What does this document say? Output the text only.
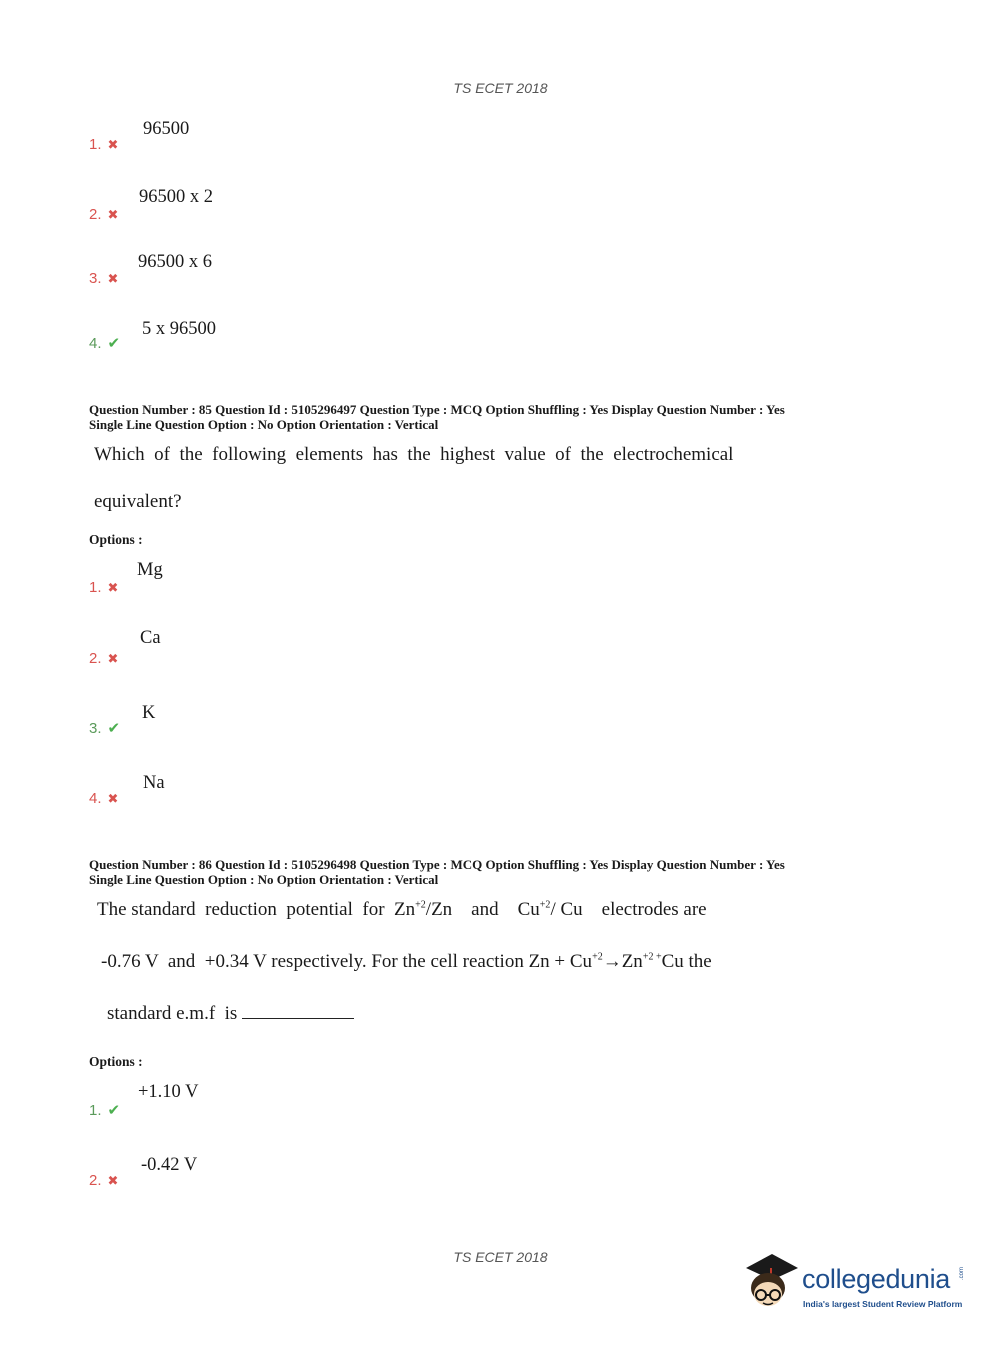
TS ECET 2018
1. ✖
96500
2. ✖
96500 x 2
3. ✖
96500 x 6
4. ✔
5 x 96500
Question Number : 85 Question Id : 5105296497 Question Type : MCQ Option Shuffling : Yes Display Question Number : Yes
Single Line Question Option : No Option Orientation : Vertical
Which  of  the  following  elements  has  the  highest  value  of  the  electrochemical
equivalent?
Options :
1. ✖
Mg
2. ✖
Ca
3. ✔
K
4. ✖
Na
Question Number : 86 Question Id : 5105296498 Question Type : MCQ Option Shuffling : Yes Display Question Number : Yes
Single Line Question Option : No Option Orientation : Vertical
The standard  reduction  potential  for  $Zn^{+2}/Zn$    and    $Cu^{+2}/$ Cu    electrodes are
-0.76 V  and  +0.34 V respectively. For the cell reaction $Zn + Cu^{+2}\to Zn^{+2 +}Cu$ the
standard e.m.f  is
Options :
1. ✔
+1.10 V
2. ✖
-0.42 V
TS ECET 2018
collegedunia .com
India's largest Student Review Platform
